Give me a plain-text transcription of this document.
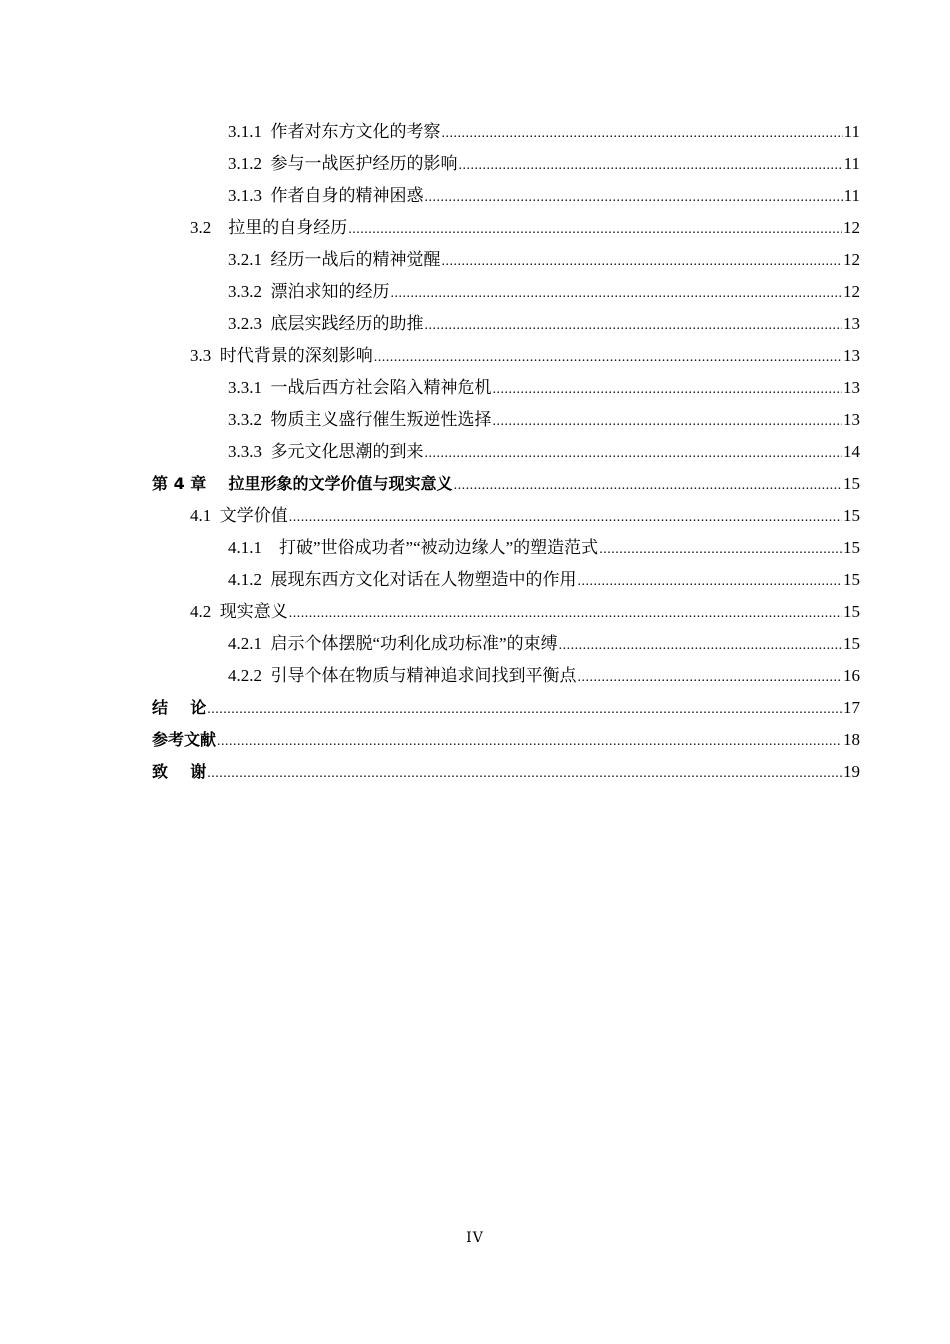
3.1.1  作者对东方文化的考察 .....	11
3.1.2  参与一战医护经历的影响 .....	11
3.1.3  作者自身的精神困惑 .....	11
3.2    拉里的自身经历 .....	12
3.2.1  经历一战后的精神觉醒 .....	12
3.3.2  漂泊求知的经历 .....	12
3.2.3  底层实践经历的助推 .....	13
3.3  时代背景的深刻影响 .....	13
3.3.1  一战后西方社会陷入精神危机 .....	13
3.3.2  物质主义盛行催生叛逆性选择 .....	13
3.3.3  多元文化思潮的到来 .....	14
第 4 章    拉里形象的文学价值与现实意义 .....	15
4.1  文学价值 .....	15
4.1.1    打破”世俗成功者”“被动边缘人”的塑造范式 .....	15
4.1.2  展现东西方文化对话在人物塑造中的作用 .....	15
4.2  现实意义 .....	15
4.2.1  启示个体摆脱“功利化成功标准”的束缚 .....	15
4.2.2  引导个体在物质与精神追求间找到平衡点 .....	16
结    论 .....	17
参考文献 .....	18
致    谢 .....	19
IV
